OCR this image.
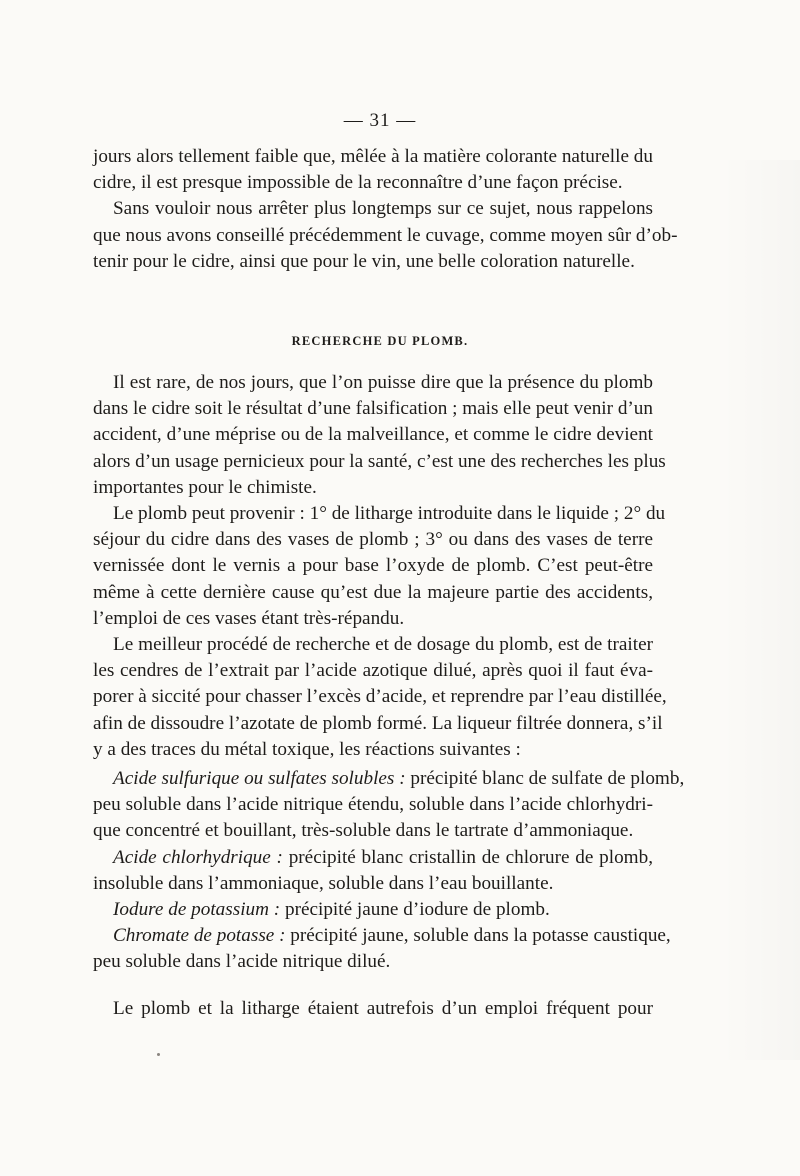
— 31 —
jours alors tellement faible que, mêlée à la matière colorante naturelle du
cidre, il est presque impossible de la reconnaître d’une façon précise.
Sans vouloir nous arrêter plus longtemps sur ce sujet, nous rappelons
que nous avons conseillé précédemment le cuvage, comme moyen sûr d’ob-
tenir pour le cidre, ainsi que pour le vin, une belle coloration naturelle.
RECHERCHE DU PLOMB.
Il est rare, de nos jours, que l’on puisse dire que la présence du plomb
dans le cidre soit le résultat d’une falsification ; mais elle peut venir d’un
accident, d’une méprise ou de la malveillance, et comme le cidre devient
alors d’un usage pernicieux pour la santé, c’est une des recherches les plus
importantes pour le chimiste.
Le plomb peut provenir : 1° de litharge introduite dans le liquide ; 2° du
séjour du cidre dans des vases de plomb ; 3° ou dans des vases de terre
vernissée dont le vernis a pour base l’oxyde de plomb. C’est peut-être
même à cette dernière cause qu’est due la majeure partie des accidents,
l’emploi de ces vases étant très-répandu.
Le meilleur procédé de recherche et de dosage du plomb, est de traiter
les cendres de l’extrait par l’acide azotique dilué, après quoi il faut éva-
porer à siccité pour chasser l’excès d’acide, et reprendre par l’eau distillée,
afin de dissoudre l’azotate de plomb formé. La liqueur filtrée donnera, s’il
y a des traces du métal toxique, les réactions suivantes :
Acide sulfurique ou sulfates solubles : précipité blanc de sulfate de plomb,
peu soluble dans l’acide nitrique étendu, soluble dans l’acide chlorhydri-
que concentré et bouillant, très-soluble dans le tartrate d’ammoniaque.
Acide chlorhydrique : précipité blanc cristallin de chlorure de plomb,
insoluble dans l’ammoniaque, soluble dans l’eau bouillante.
Iodure de potassium : précipité jaune d’iodure de plomb.
Chromate de potasse : précipité jaune, soluble dans la potasse caustique,
peu soluble dans l’acide nitrique dilué.
Le plomb et la litharge étaient autrefois d’un emploi fréquent pour
